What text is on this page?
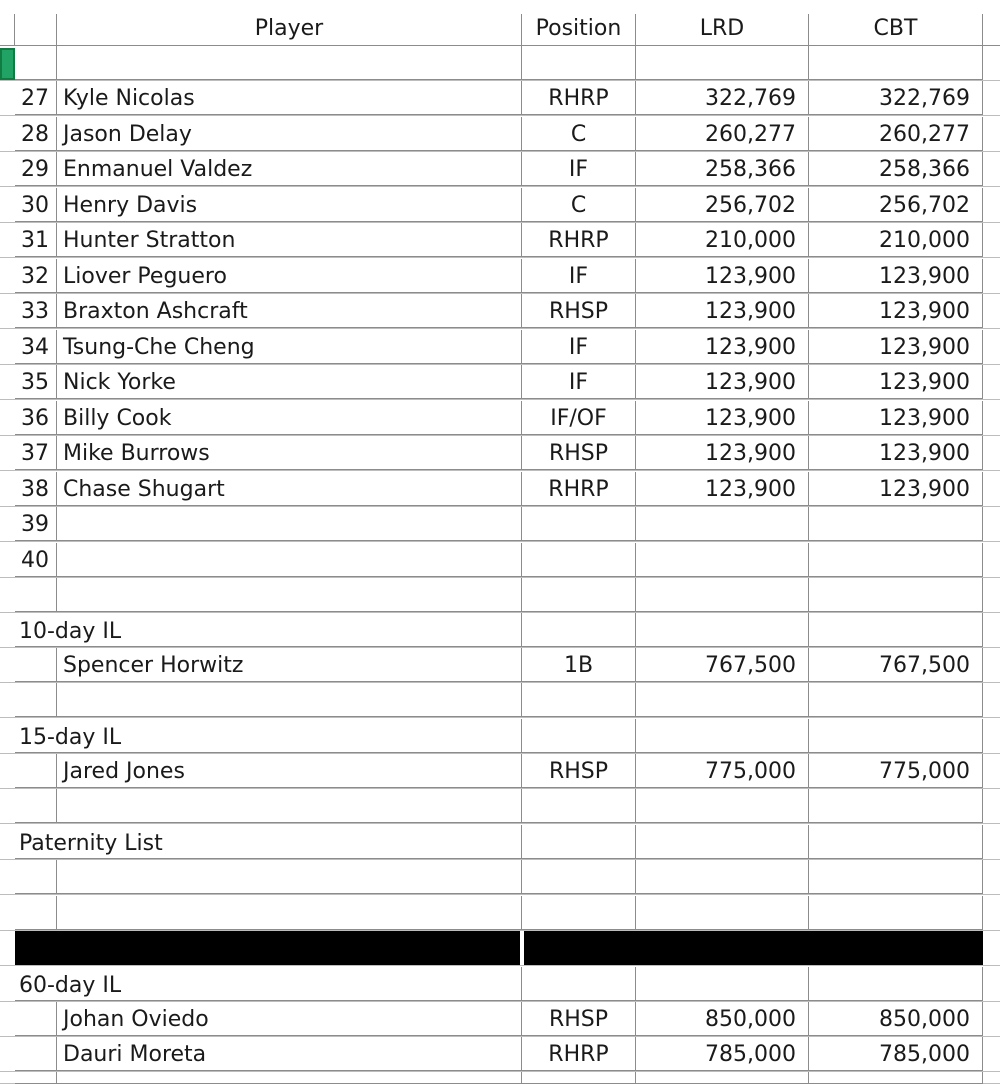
Player	Position	LRD	CBT
27 Kyle Nicolas	RHRP	322,769	322,769
28 Jason Delay	C	260,277	260,277
29 Enmanuel Valdez	IF	258,366	258,366
30 Henry Davis	C	256,702	256,702
31 Hunter Stratton	RHRP	210,000	210,000
32 Liover Peguero	IF	123,900	123,900
33 Braxton Ashcraft	RHSP	123,900	123,900
34 Tsung-Che Cheng	IF	123,900	123,900
35 Nick Yorke	IF	123,900	123,900
36 Billy Cook	IF/OF	123,900	123,900
37 Mike Burrows	RHSP	123,900	123,900
38 Chase Shugart	RHRP	123,900	123,900
39
40
10-day IL
Spencer Horwitz	1B	767,500	767,500
15-day IL
Jared Jones	RHSP	775,000	775,000
Paternity List
60-day IL
Johan Oviedo	RHSP	850,000	850,000
Dauri Moreta	RHRP	785,000	785,000
